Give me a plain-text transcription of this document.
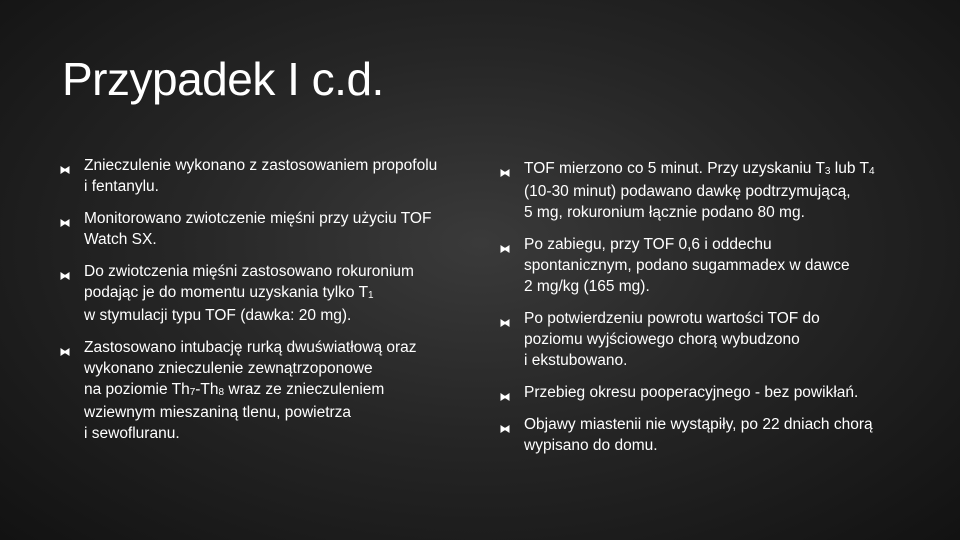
Przypadek I c.d.
Znieczulenie wykonano z zastosowaniem propofolu
i fentanylu.
Monitorowano zwiotczenie mięśni przy użyciu TOF
Watch SX.
Do zwiotczenia mięśni zastosowano rokuronium
podając je do momentu uzyskania tylko $T_1$
w stymulacji typu TOF (dawka: 20 mg).
Zastosowano intubację rurką dwuświatłową oraz
wykonano znieczulenie zewnątrzoponowe
na poziomie $Th_7-Th_8$ wraz ze znieczuleniem
wziewnym mieszaniną tlenu, powietrza
i sewofluranu.
TOF mierzono co 5 minut. Przy uzyskaniu $T_3$ lub $T_4$
(10-30 minut) podawano dawkę podtrzymującą,
5 mg, rokuronium łącznie podano 80 mg.
Po zabiegu, przy TOF 0,6 i oddechu
spontanicznym, podano sugammadex w dawce
2 mg/kg (165 mg).
Po potwierdzeniu powrotu wartości TOF do
poziomu wyjściowego chorą wybudzono
i ekstubowano.
Przebieg okresu pooperacyjnego - bez powikłań.
Objawy miastenii nie wystąpiły, po 22 dniach chorą
wypisano do domu.
